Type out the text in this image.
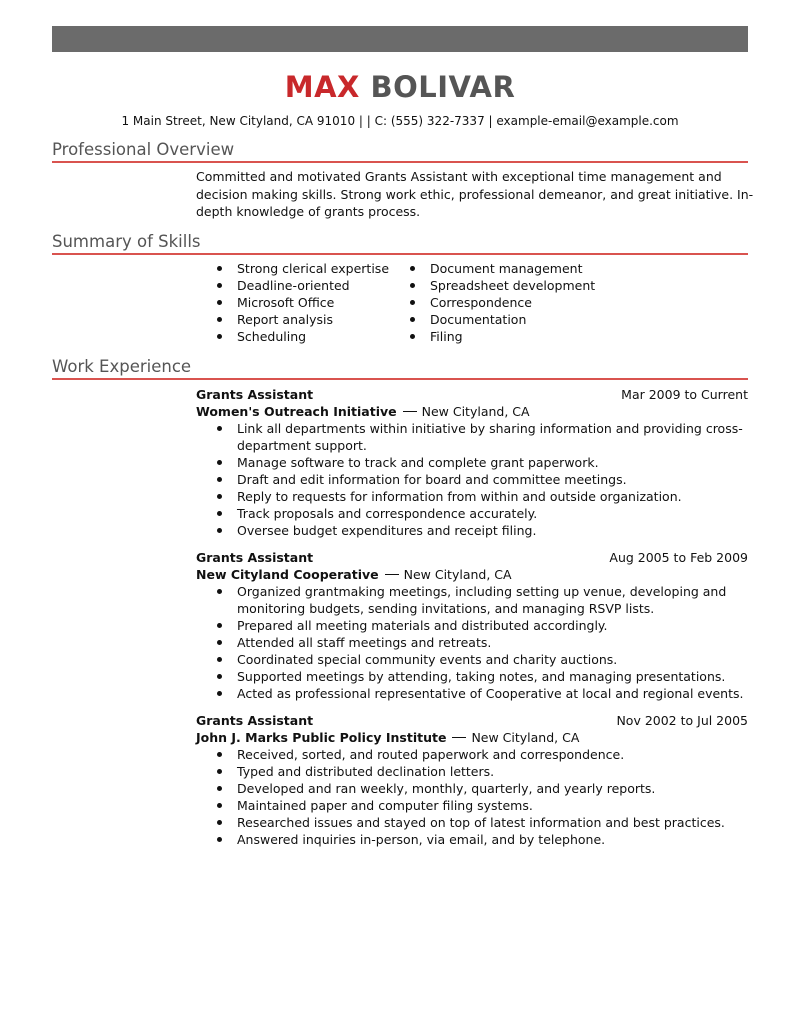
MAX BOLIVAR
1 Main Street, New Cityland, CA 91010 | | C: (555) 322-7337 | example-email@example.com
Professional Overview
Committed and motivated Grants Assistant with exceptional time management and decision making skills. Strong work ethic, professional demeanor, and great initiative. In-depth knowledge of grants process.
Summary of Skills
Strong clerical expertise
Deadline-oriented
Microsoft Office
Report analysis
Scheduling
Document management
Spreadsheet development
Correspondence
Documentation
Filing
Work Experience
Grants Assistant	Mar 2009 to Current
Women's Outreach Initiative New Cityland, CA
Link all departments within initiative by sharing information and providing cross-department support.
Manage software to track and complete grant paperwork.
Draft and edit information for board and committee meetings.
Reply to requests for information from within and outside organization.
Track proposals and correspondence accurately.
Oversee budget expenditures and receipt filing.
Grants Assistant	Aug 2005 to Feb 2009
New Cityland Cooperative New Cityland, CA
Organized grantmaking meetings, including setting up venue, developing and monitoring budgets, sending invitations, and managing RSVP lists.
Prepared all meeting materials and distributed accordingly.
Attended all staff meetings and retreats.
Coordinated special community events and charity auctions.
Supported meetings by attending, taking notes, and managing presentations.
Acted as professional representative of Cooperative at local and regional events.
Grants Assistant	Nov 2002 to Jul 2005
John J. Marks Public Policy Institute New Cityland, CA
Received, sorted, and routed paperwork and correspondence.
Typed and distributed declination letters.
Developed and ran weekly, monthly, quarterly, and yearly reports.
Maintained paper and computer filing systems.
Researched issues and stayed on top of latest information and best practices.
Answered inquiries in-person, via email, and by telephone.
